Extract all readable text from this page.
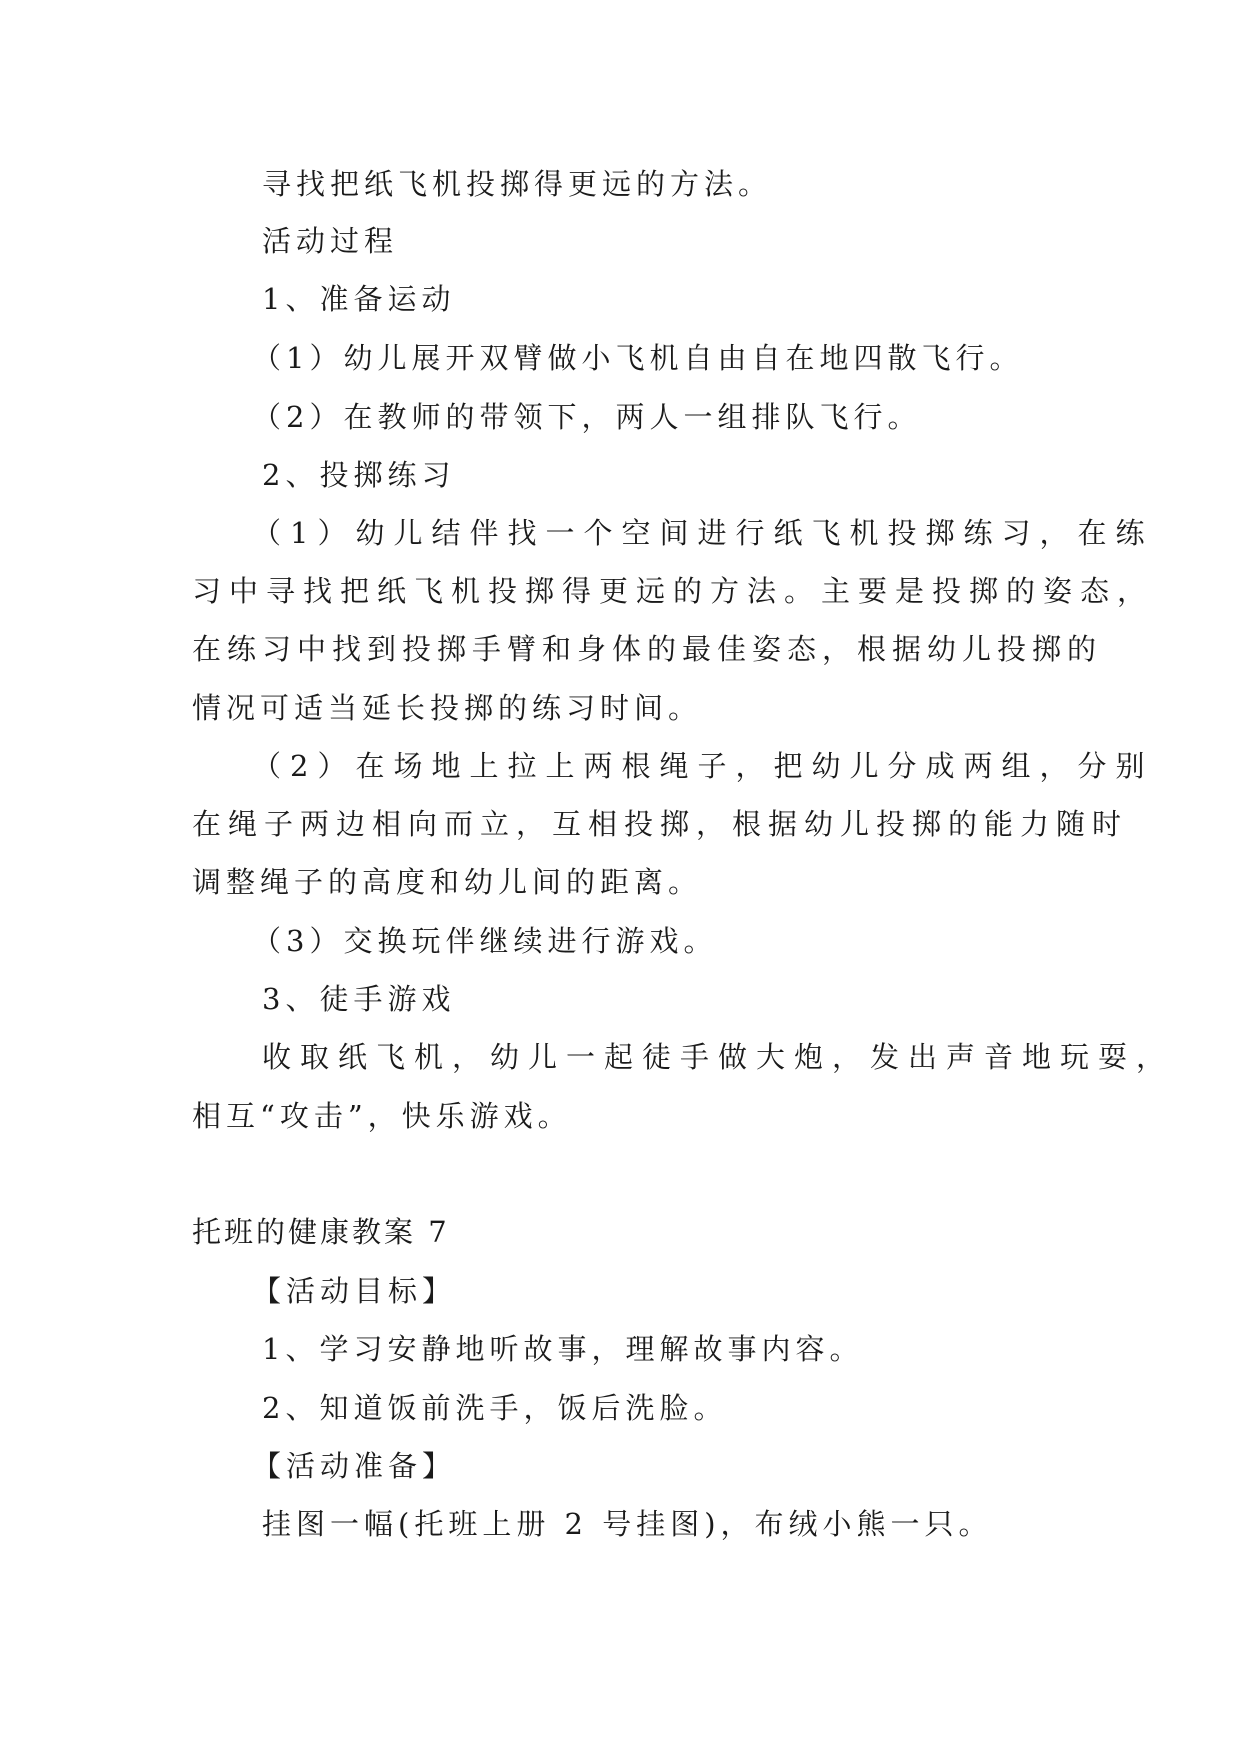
寻找把纸飞机投掷得更远的方法。
活动过程
1、准备运动
（1）幼儿展开双臂做小飞机自由自在地四散飞行。
（2）在教师的带领下，两人一组排队飞行。
2、投掷练习
（1）幼儿结伴找一个空间进行纸飞机投掷练习，在练
习中寻找把纸飞机投掷得更远的方法。主要是投掷的姿态，
在练习中找到投掷手臂和身体的最佳姿态，根据幼儿投掷的
情况可适当延长投掷的练习时间。
（2）在场地上拉上两根绳子，把幼儿分成两组，分别
在绳子两边相向而立，互相投掷，根据幼儿投掷的能力随时
调整绳子的高度和幼儿间的距离。
（3）交换玩伴继续进行游戏。
3、徒手游戏
收取纸飞机，幼儿一起徒手做大炮，发出声音地玩耍，
相互“攻击”，快乐游戏。
托班的健康教案 7
【活动目标】
1、学习安静地听故事，理解故事内容。
2、知道饭前洗手，饭后洗脸。
【活动准备】
挂图一幅(托班上册 2 号挂图)，布绒小熊一只。
